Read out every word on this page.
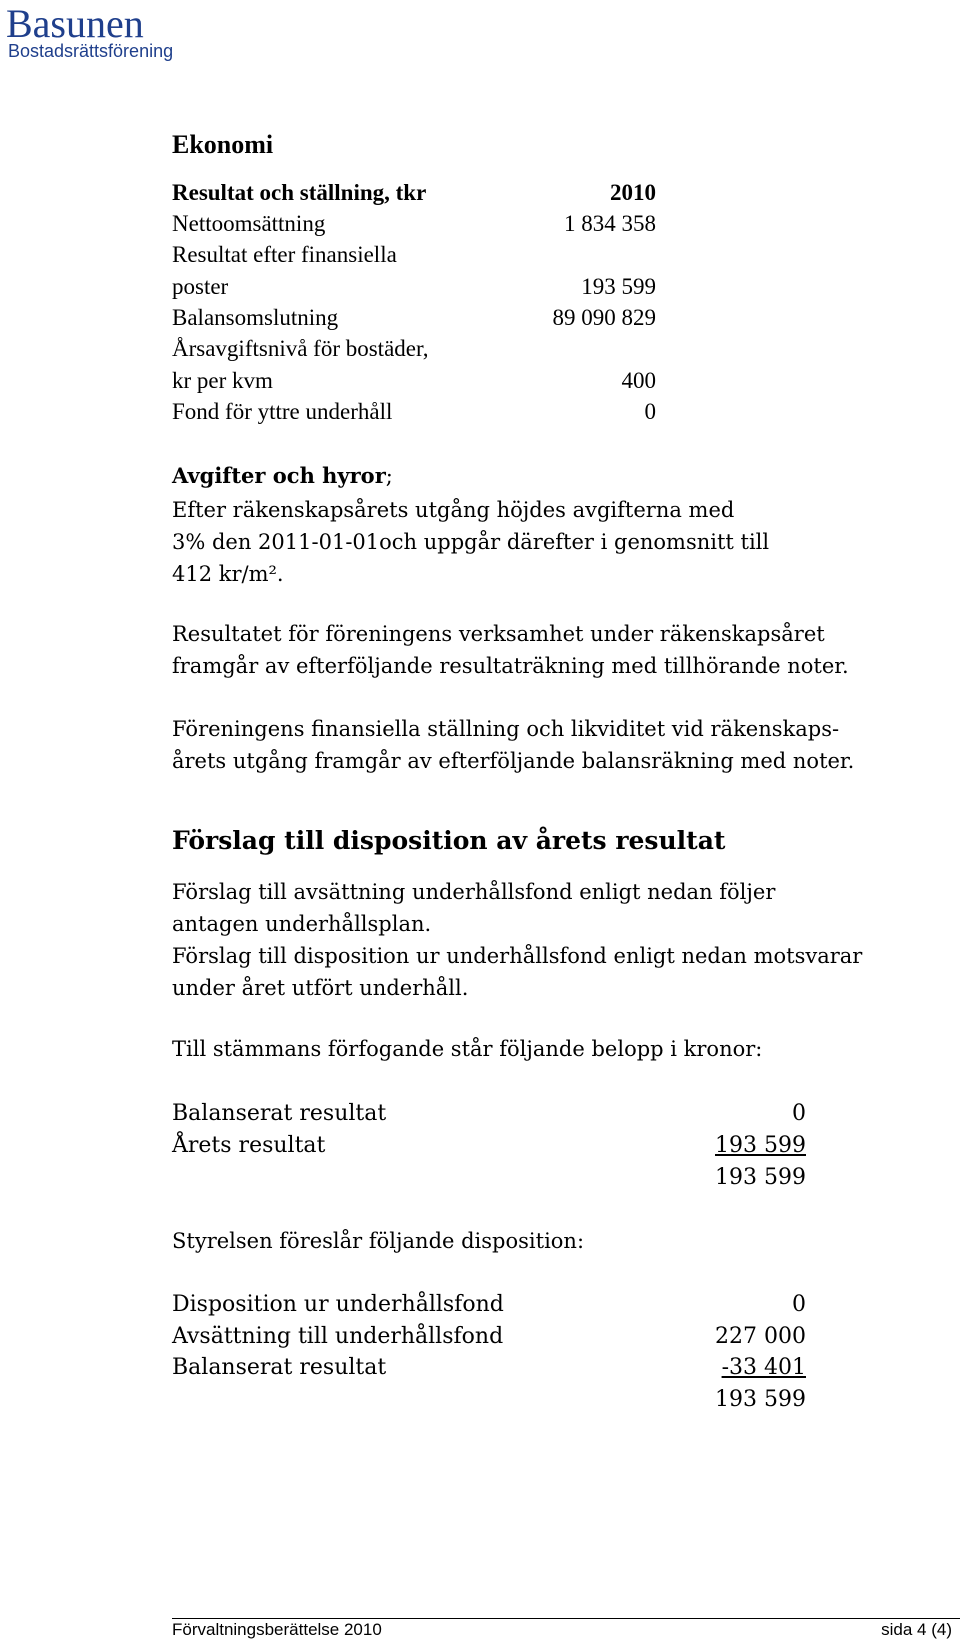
Basunen
Bostadsrättsförening
Ekonomi
Resultat och ställning, tkr	2010
Nettoomsättning	1 834 358
Resultat efter finansiella
poster	193 599
Balansomslutning	89 090 829
Årsavgiftsnivå för bostäder,
kr per kvm	400
Fond för yttre underhåll	0
Avgifter och hyror;
Efter räkenskapsårets utgång höjdes avgifterna med
3% den 2011-01-01och uppgår därefter i genomsnitt till
412 kr/m².
Resultatet för föreningens verksamhet under räkenskapsåret
framgår av efterföljande resultaträkning med tillhörande noter.
Föreningens finansiella ställning och likviditet vid räkenskaps-
årets utgång framgår av efterföljande balansräkning med noter.
Förslag till disposition av årets resultat
Förslag till avsättning underhållsfond enligt nedan följer
antagen underhållsplan.
Förslag till disposition ur underhållsfond enligt nedan motsvarar
under året utfört underhåll.
Till stämmans förfogande står följande belopp i kronor:
Balanserat resultat	0
Årets resultat	193 599
193 599
Styrelsen föreslår följande disposition:
Disposition ur underhållsfond	0
Avsättning till underhållsfond	227 000
Balanserat resultat	-33 401
193 599
Förvaltningsberättelse 2010	sida 4 (4)
